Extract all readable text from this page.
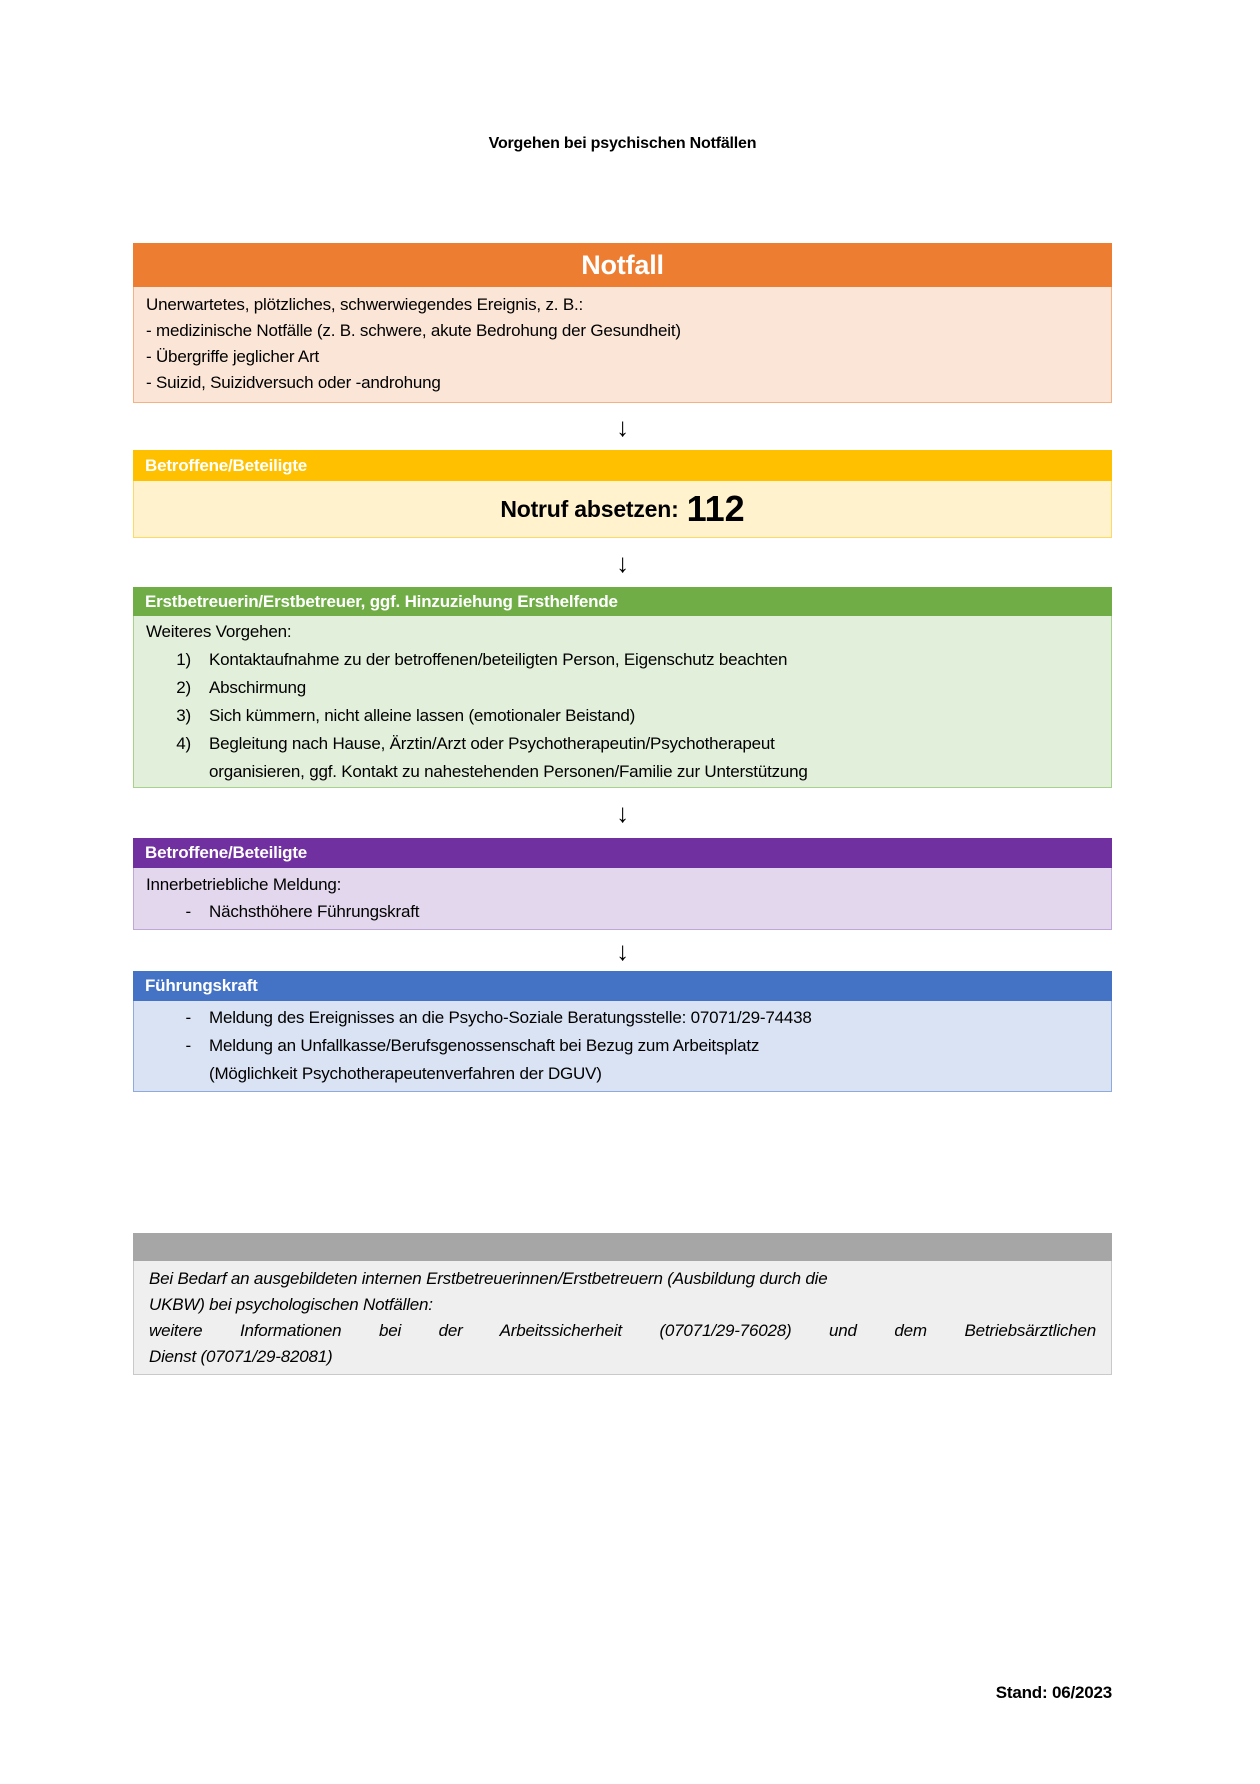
Vorgehen bei psychischen Notfällen
Notfall
Unerwartetes, plötzliches, schwerwiegendes Ereignis, z. B.:
- medizinische Notfälle (z. B. schwere, akute Bedrohung der Gesundheit)
- Übergriffe jeglicher Art
- Suizid, Suizidversuch oder -androhung
↓
Betroffene/Beteiligte
Notruf absetzen: 112
↓
Erstbetreuerin/Erstbetreuer, ggf. Hinzuziehung Ersthelfende
Weiteres Vorgehen:
1) Kontaktaufnahme zu der betroffenen/beteiligten Person, Eigenschutz beachten
2) Abschirmung
3) Sich kümmern, nicht alleine lassen (emotionaler Beistand)
4) Begleitung nach Hause, Ärztin/Arzt oder Psychotherapeutin/Psychotherapeut
organisieren, ggf. Kontakt zu nahestehenden Personen/Familie zur Unterstützung
↓
Betroffene/Beteiligte
Innerbetriebliche Meldung:
- Nächsthöhere Führungskraft
↓
Führungskraft
- Meldung des Ereignisses an die Psycho-Soziale Beratungsstelle: 07071/29-74438
- Meldung an Unfallkasse/Berufsgenossenschaft bei Bezug zum Arbeitsplatz
(Möglichkeit Psychotherapeutenverfahren der DGUV)
Bei Bedarf an ausgebildeten internen Erstbetreuerinnen/Erstbetreuern (Ausbildung durch die
UKBW) bei psychologischen Notfällen:
weitere Informationen bei der Arbeitssicherheit (07071/29-76028) und dem Betriebsärztlichen
Dienst (07071/29-82081)
Stand: 06/2023
